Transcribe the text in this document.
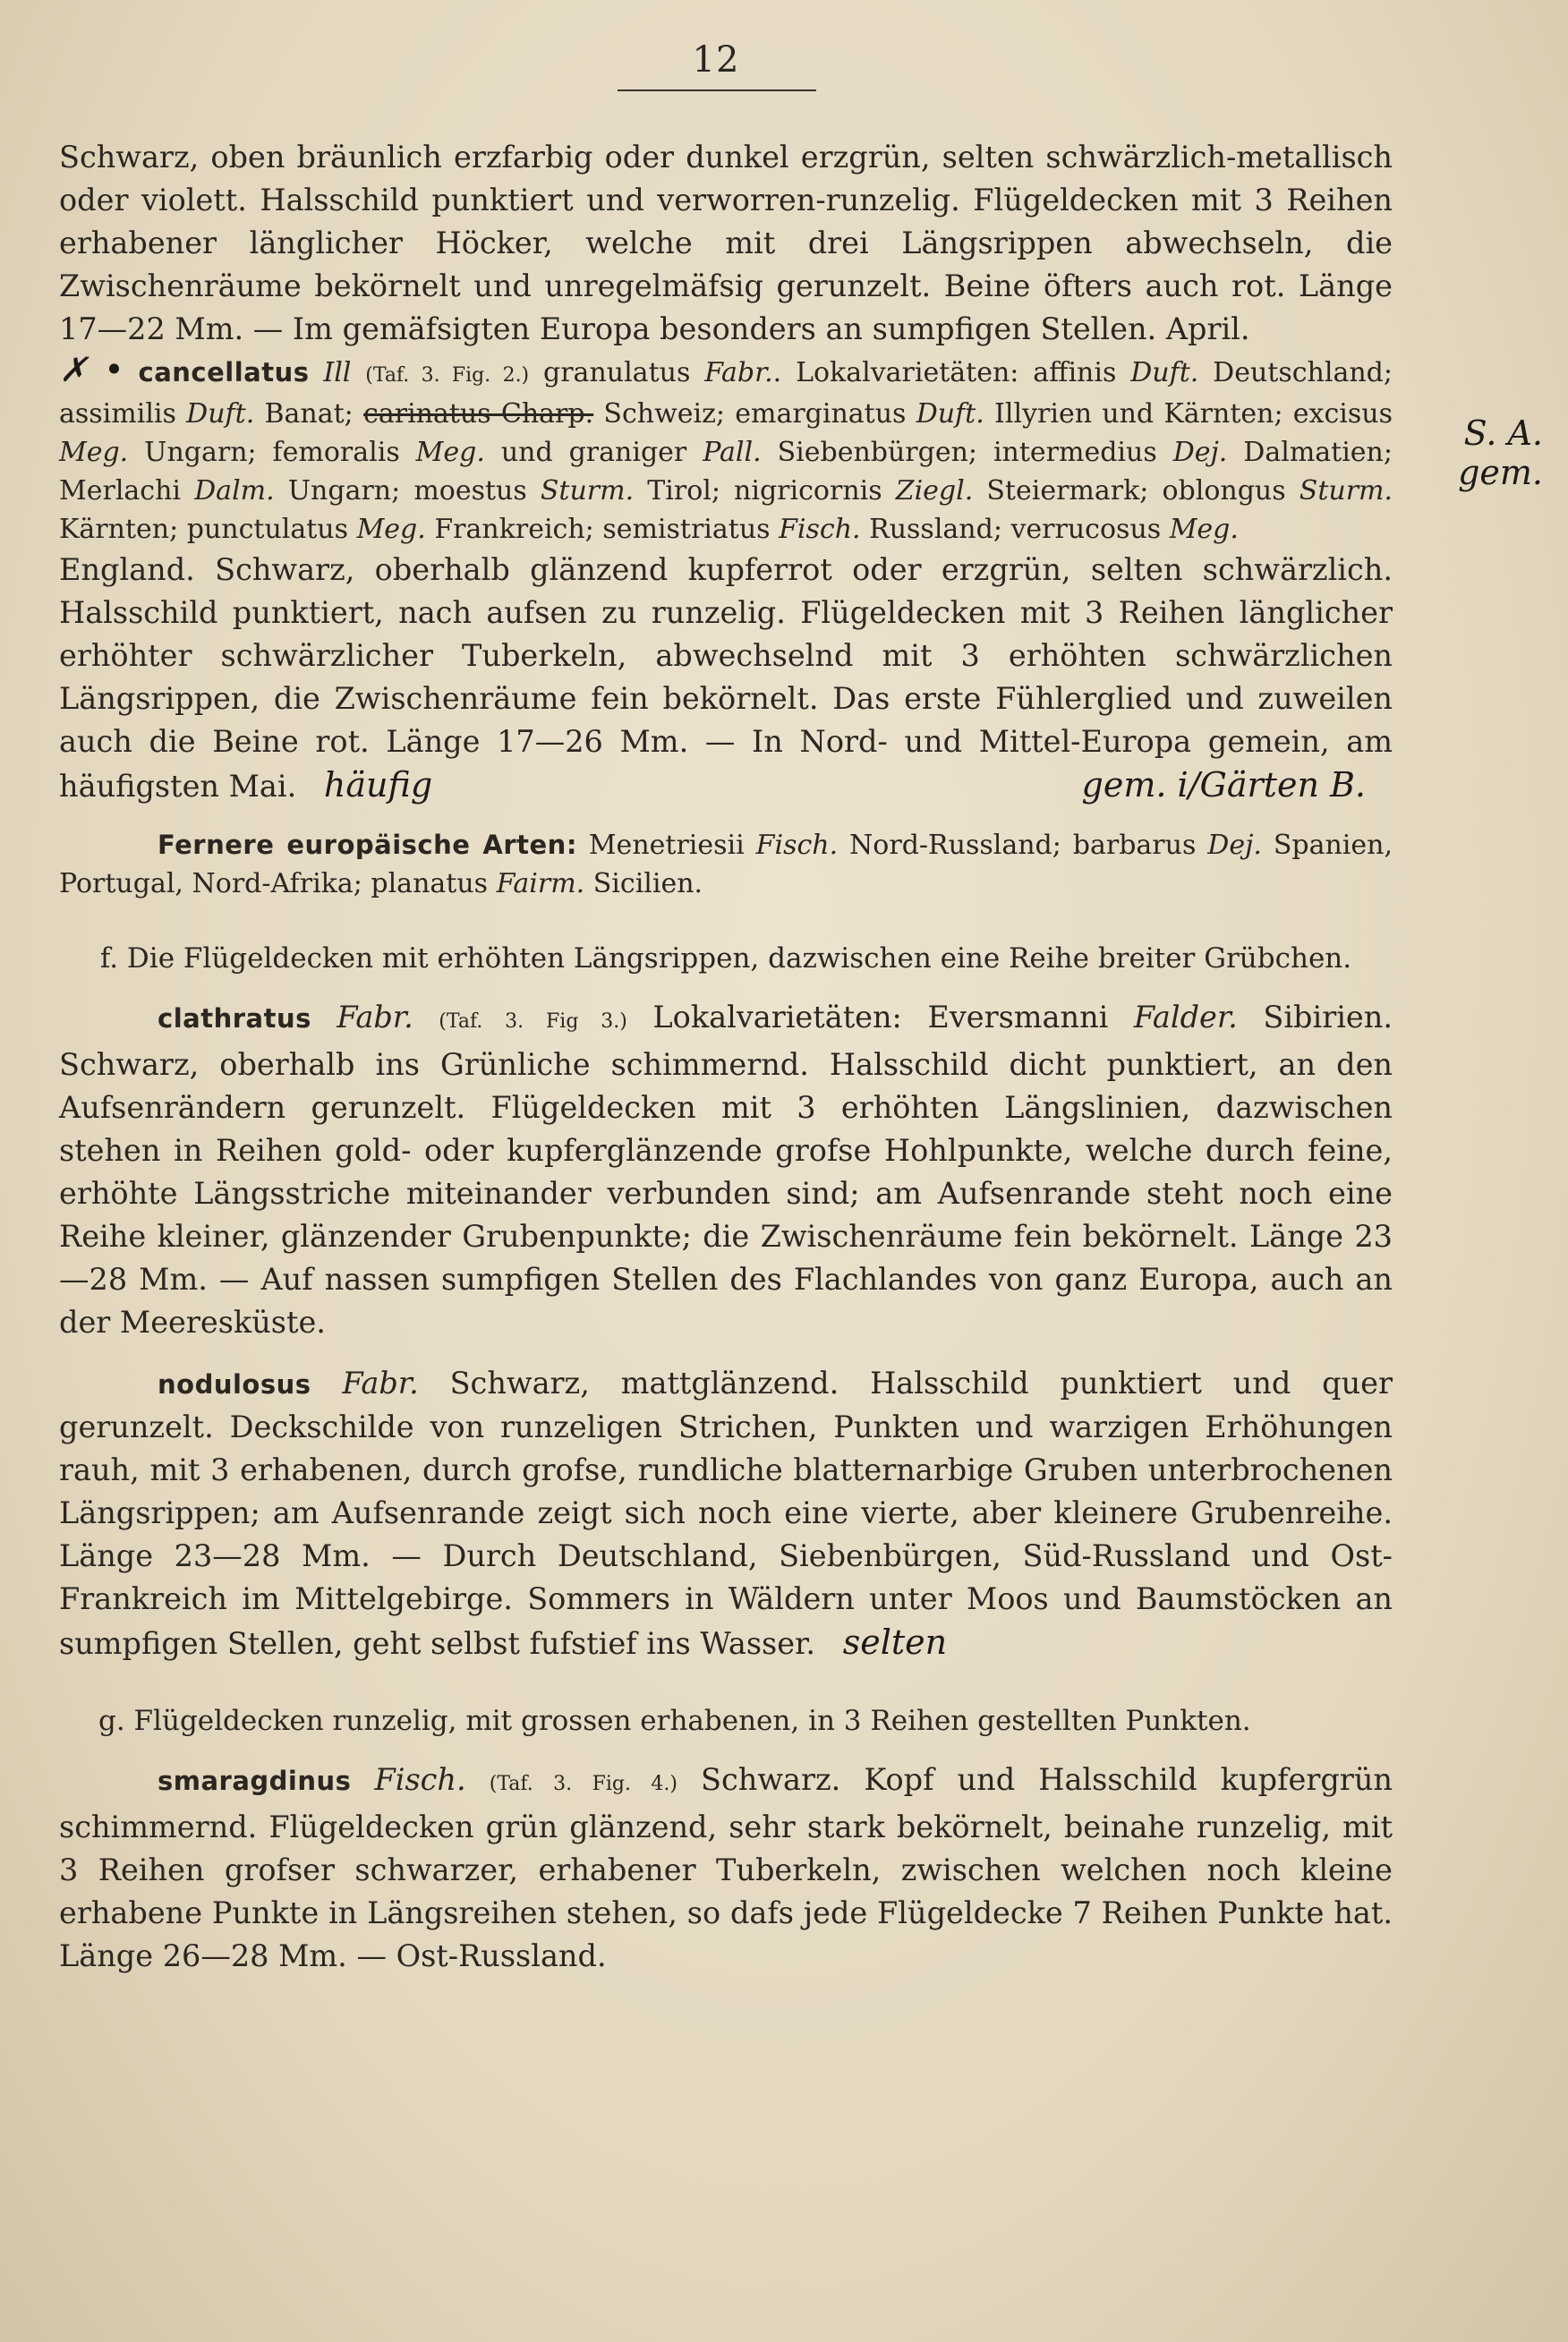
12
S. A. gem.

Schwarz, oben bräunlich erzfarbig oder dunkel erzgrün, selten schwärzlich-metallisch oder violett. Halsschild punktiert und verworren-runzelig. Flügeldecken mit 3 Reihen erhabener länglicher Höcker, welche mit drei Längsrippen abwechseln, die Zwischenräume bekörnelt und unregelmäfsig gerunzelt. Beine öfters auch rot. Länge 17—22 Mm. — Im gemäfsigten Europa besonders an sumpfigen Stellen. April.

✗ • cancellatus Ill (Taf. 3. Fig. 2.) granulatus Fabr.. Lokalvarietäten: affinis Duft. Deutschland; assimilis Duft. Banat; carinatus Charp. Schweiz; emarginatus Duft. Illyrien und Kärnten; excisus Meg. Ungarn; femoralis Meg. und graniger Pall. Siebenbürgen; intermedius Dej. Dalmatien; Merlachi Dalm. Ungarn; moestus Sturm. Tirol; nigricornis Ziegl. Steiermark; oblongus Sturm. Kärnten; punctulatus Meg. Frankreich; semistriatus Fisch. Russland; verrucosus Meg.

England. Schwarz, oberhalb glänzend kupferrot oder erzgrün, selten schwärzlich. Halsschild punktiert, nach aufsen zu runzelig. Flügeldecken mit 3 Reihen länglicher erhöhter schwärzlicher Tuberkeln, abwechselnd mit 3 erhöhten schwärzlichen Längsrippen, die Zwischenräume fein bekörnelt. Das erste Fühlerglied und zuweilen auch die Beine rot. Länge 17—26 Mm. — In Nord- und Mittel-Europa gemein, am häufigsten Mai. häufig	gem. i/Gärten B.

Fernere europäische Arten: Menetriesii Fisch. Nord-Russland; barbarus Dej. Spanien, Portugal, Nord-Afrika; planatus Fairm. Sicilien.

f. Die Flügeldecken mit erhöhten Längsrippen, dazwischen eine Reihe breiter Grübchen.

clathratus Fabr. (Taf. 3. Fig 3.) Lokalvarietäten: Eversmanni Falder. Sibirien. Schwarz, oberhalb ins Grünliche schimmernd. Halsschild dicht punktiert, an den Aufsenrändern gerunzelt. Flügeldecken mit 3 erhöhten Längslinien, dazwischen stehen in Reihen gold- oder kupferglänzende grofse Hohlpunkte, welche durch feine, erhöhte Längsstriche miteinander verbunden sind; am Aufsenrande steht noch eine Reihe kleiner, glänzender Grubenpunkte; die Zwischenräume fein bekörnelt. Länge 23—28 Mm. — Auf nassen sumpfigen Stellen des Flachlandes von ganz Europa, auch an der Meeresküste.

nodulosus Fabr. Schwarz, mattglänzend. Halsschild punktiert und quer gerunzelt. Deckschilde von runzeligen Strichen, Punkten und warzigen Erhöhungen rauh, mit 3 erhabenen, durch grofse, rundliche blatternarbige Gruben unterbrochenen Längsrippen; am Aufsenrande zeigt sich noch eine vierte, aber kleinere Grubenreihe. Länge 23—28 Mm. — Durch Deutschland, Siebenbürgen, Süd-Russland und Ost-Frankreich im Mittelgebirge. Sommers in Wäldern unter Moos und Baumstöcken an sumpfigen Stellen, geht selbst fufstief ins Wasser. selten

g. Flügeldecken runzelig, mit grossen erhabenen, in 3 Reihen gestellten Punkten.

smaragdinus Fisch. (Taf. 3. Fig. 4.) Schwarz. Kopf und Halsschild kupfergrün schimmernd. Flügeldecken grün glänzend, sehr stark bekörnelt, beinahe runzelig, mit 3 Reihen grofser schwarzer, erhabener Tuberkeln, zwischen welchen noch kleine erhabene Punkte in Längsreihen stehen, so dafs jede Flügeldecke 7 Reihen Punkte hat. Länge 26—28 Mm. — Ost-Russland.
